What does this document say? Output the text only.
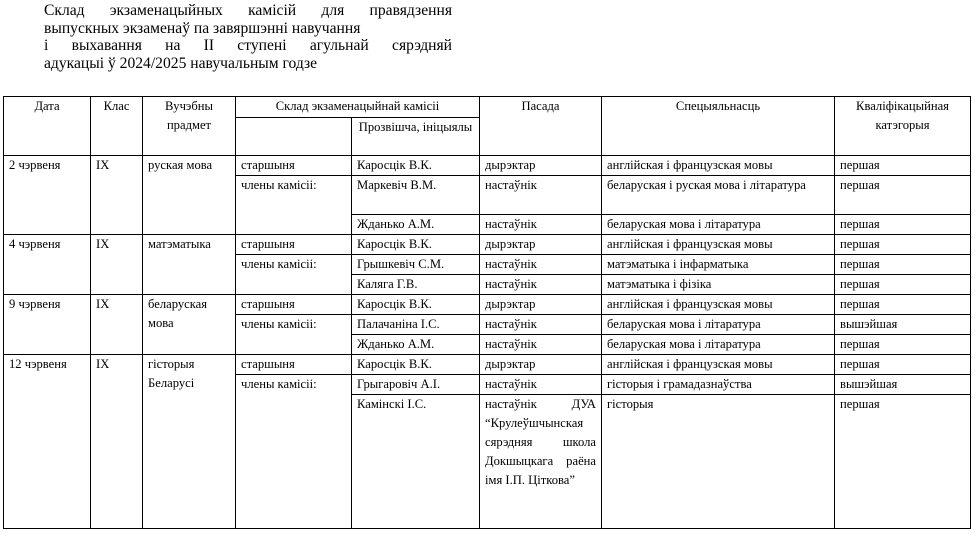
Склад экзаменацыйных камісій для правядзення
выпускных экзаменаў па завяршэнні навучання
і выхавання на ІІ ступені агульнай сярэдняй
адукацыі ў 2024/2025 навучальным годзе
Дата	Клас	Вучэбны прадмет	Склад экзаменацыйнай камісіі		Пасада	Спецыяльнасць	Кваліфікацыйная катэгорыя
				Прозвішча, ініцыялы			
2 чэрвеня	IX	руская мова	старшыня	Каросцік В.К.	дырэктар	англійская і французская мовы	першая
			члены камісіі:	Маркевіч В.М.	настаўнік	беларуская і руская мова і літаратура	першая
				Жданько А.М.	настаўнік	беларуская мова і літаратура	першая
4 чэрвеня	IX	матэматыка	старшыня	Каросцік В.К.	дырэктар	англійская і французская мовы	першая
			члены камісіі:	Грышкевіч С.М.	настаўнік	матэматыка і інфарматыка	першая
				Каляга Г.В.	настаўнік	матэматыка і фізіка	першая
9 чэрвеня	IX	беларуская мова	старшыня	Каросцік В.К.	дырэктар	англійская і французская мовы	першая
			члены камісіі:	Палачаніна І.С.	настаўнік	беларуская мова і літаратура	вышэйшая
				Жданько А.М.	настаўнік	беларуская мова і літаратура	першая
12 чэрвеня	IX	гісторыя Беларусі	старшыня	Каросцік В.К.	дырэктар	англійская і французская мовы	першая
			члены камісіі:	Грыгаровіч А.І.	настаўнік	гісторыя і грамадазнаўства	вышэйшая
				Камінскі І.С.	настаўнік ДУА “Крулеўшчынская сярэдняя школа Докшыцкага раёна імя І.П. Ціткова”	гісторыя	першая
